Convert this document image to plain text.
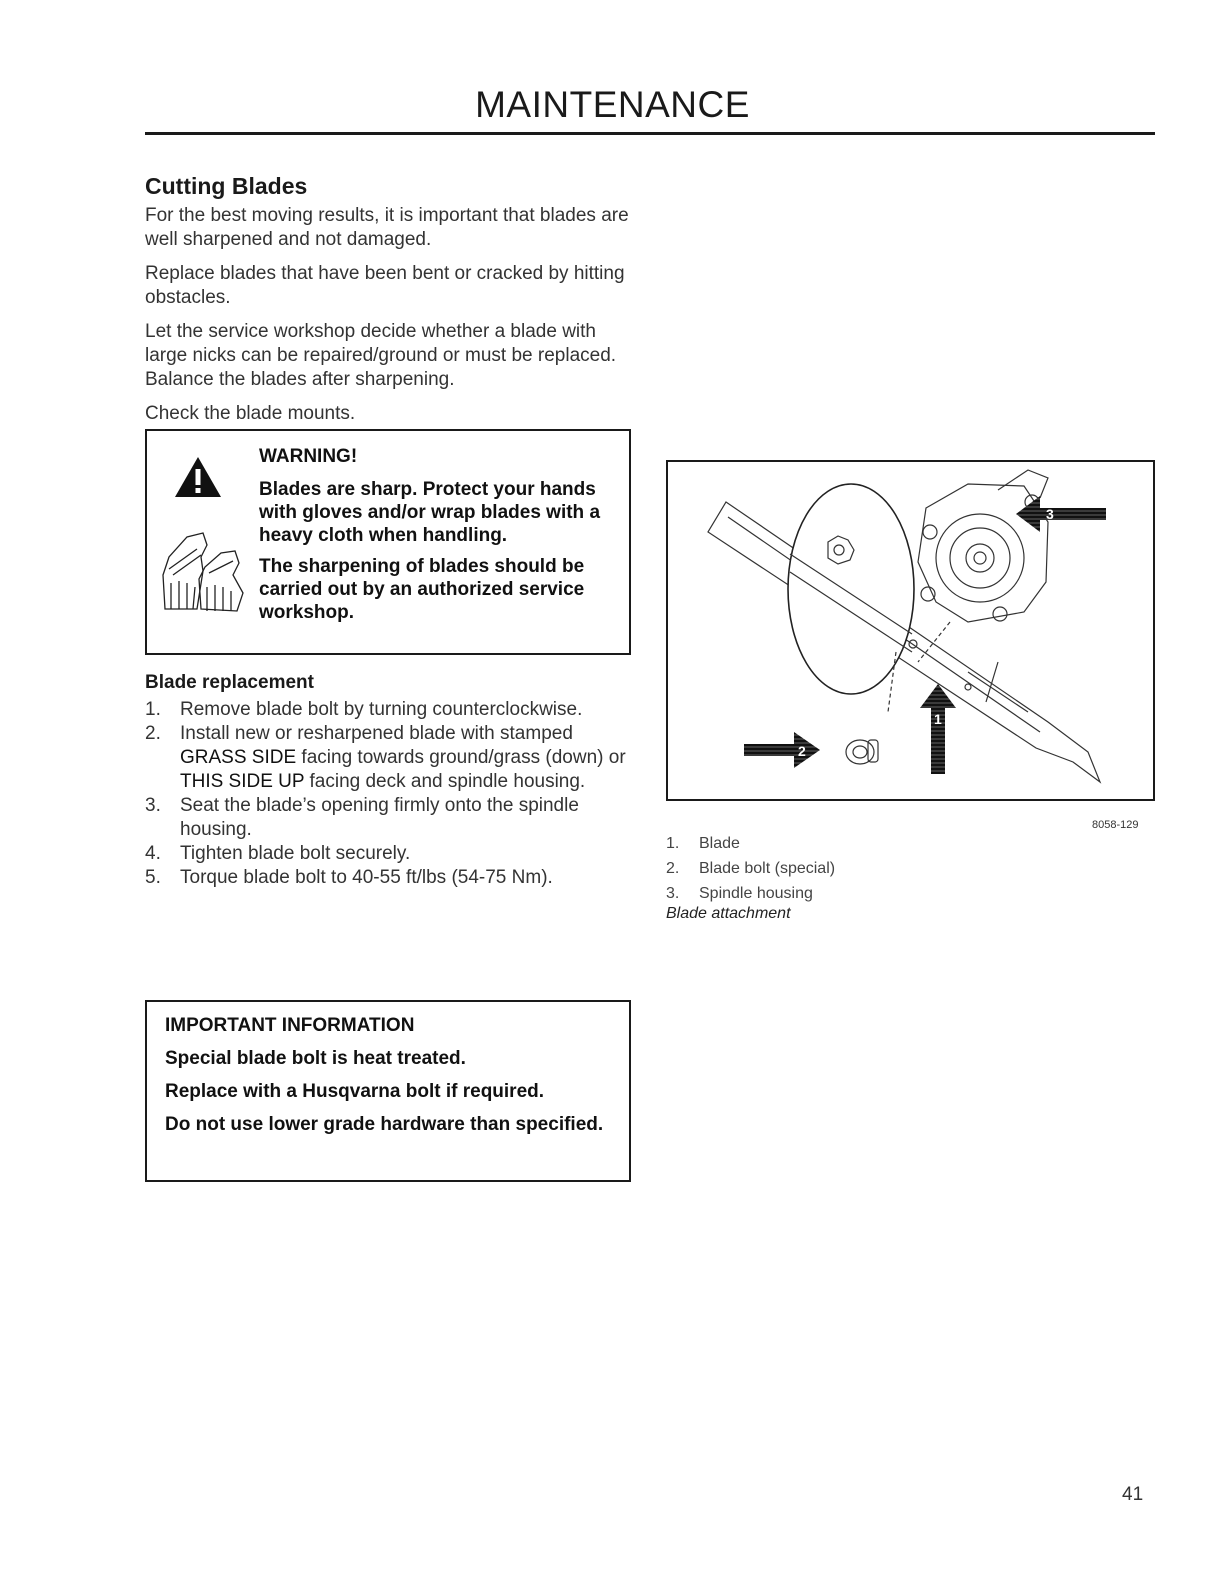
MAINTENANCE
Cutting Blades

For the best moving results, it is important that blades are well sharpened and not damaged.

Replace blades that have been bent or cracked by hitting obstacles.

Let the service workshop decide whether a blade with large nicks can be repaired/ground or must be replaced. Balance the blades after sharpening.

Check the blade mounts.

WARNING!

Blades are sharp. Protect your hands with gloves and/or wrap blades with a heavy cloth when handling.

The sharpening of blades should be carried out by an authorized service workshop.

Blade replacement
1. Remove blade bolt by turning counterclockwise.
2. Install new or resharpened blade with stamped GRASS SIDE facing towards ground/grass (down) or THIS SIDE UP facing deck and spindle housing.
3. Seat the blade’s opening firmly onto the spindle housing.
4. Tighten blade bolt securely.
5. Torque blade bolt to 40-55 ft/lbs (54-75 Nm).

IMPORTANT INFORMATION

Special blade bolt is heat treated.

Replace with a Husqvarna bolt if required.

Do not use lower grade hardware than specified.

3
2
1
8058-129
1. Blade
2. Blade bolt (special)
3. Spindle housing
Blade attachment
41
